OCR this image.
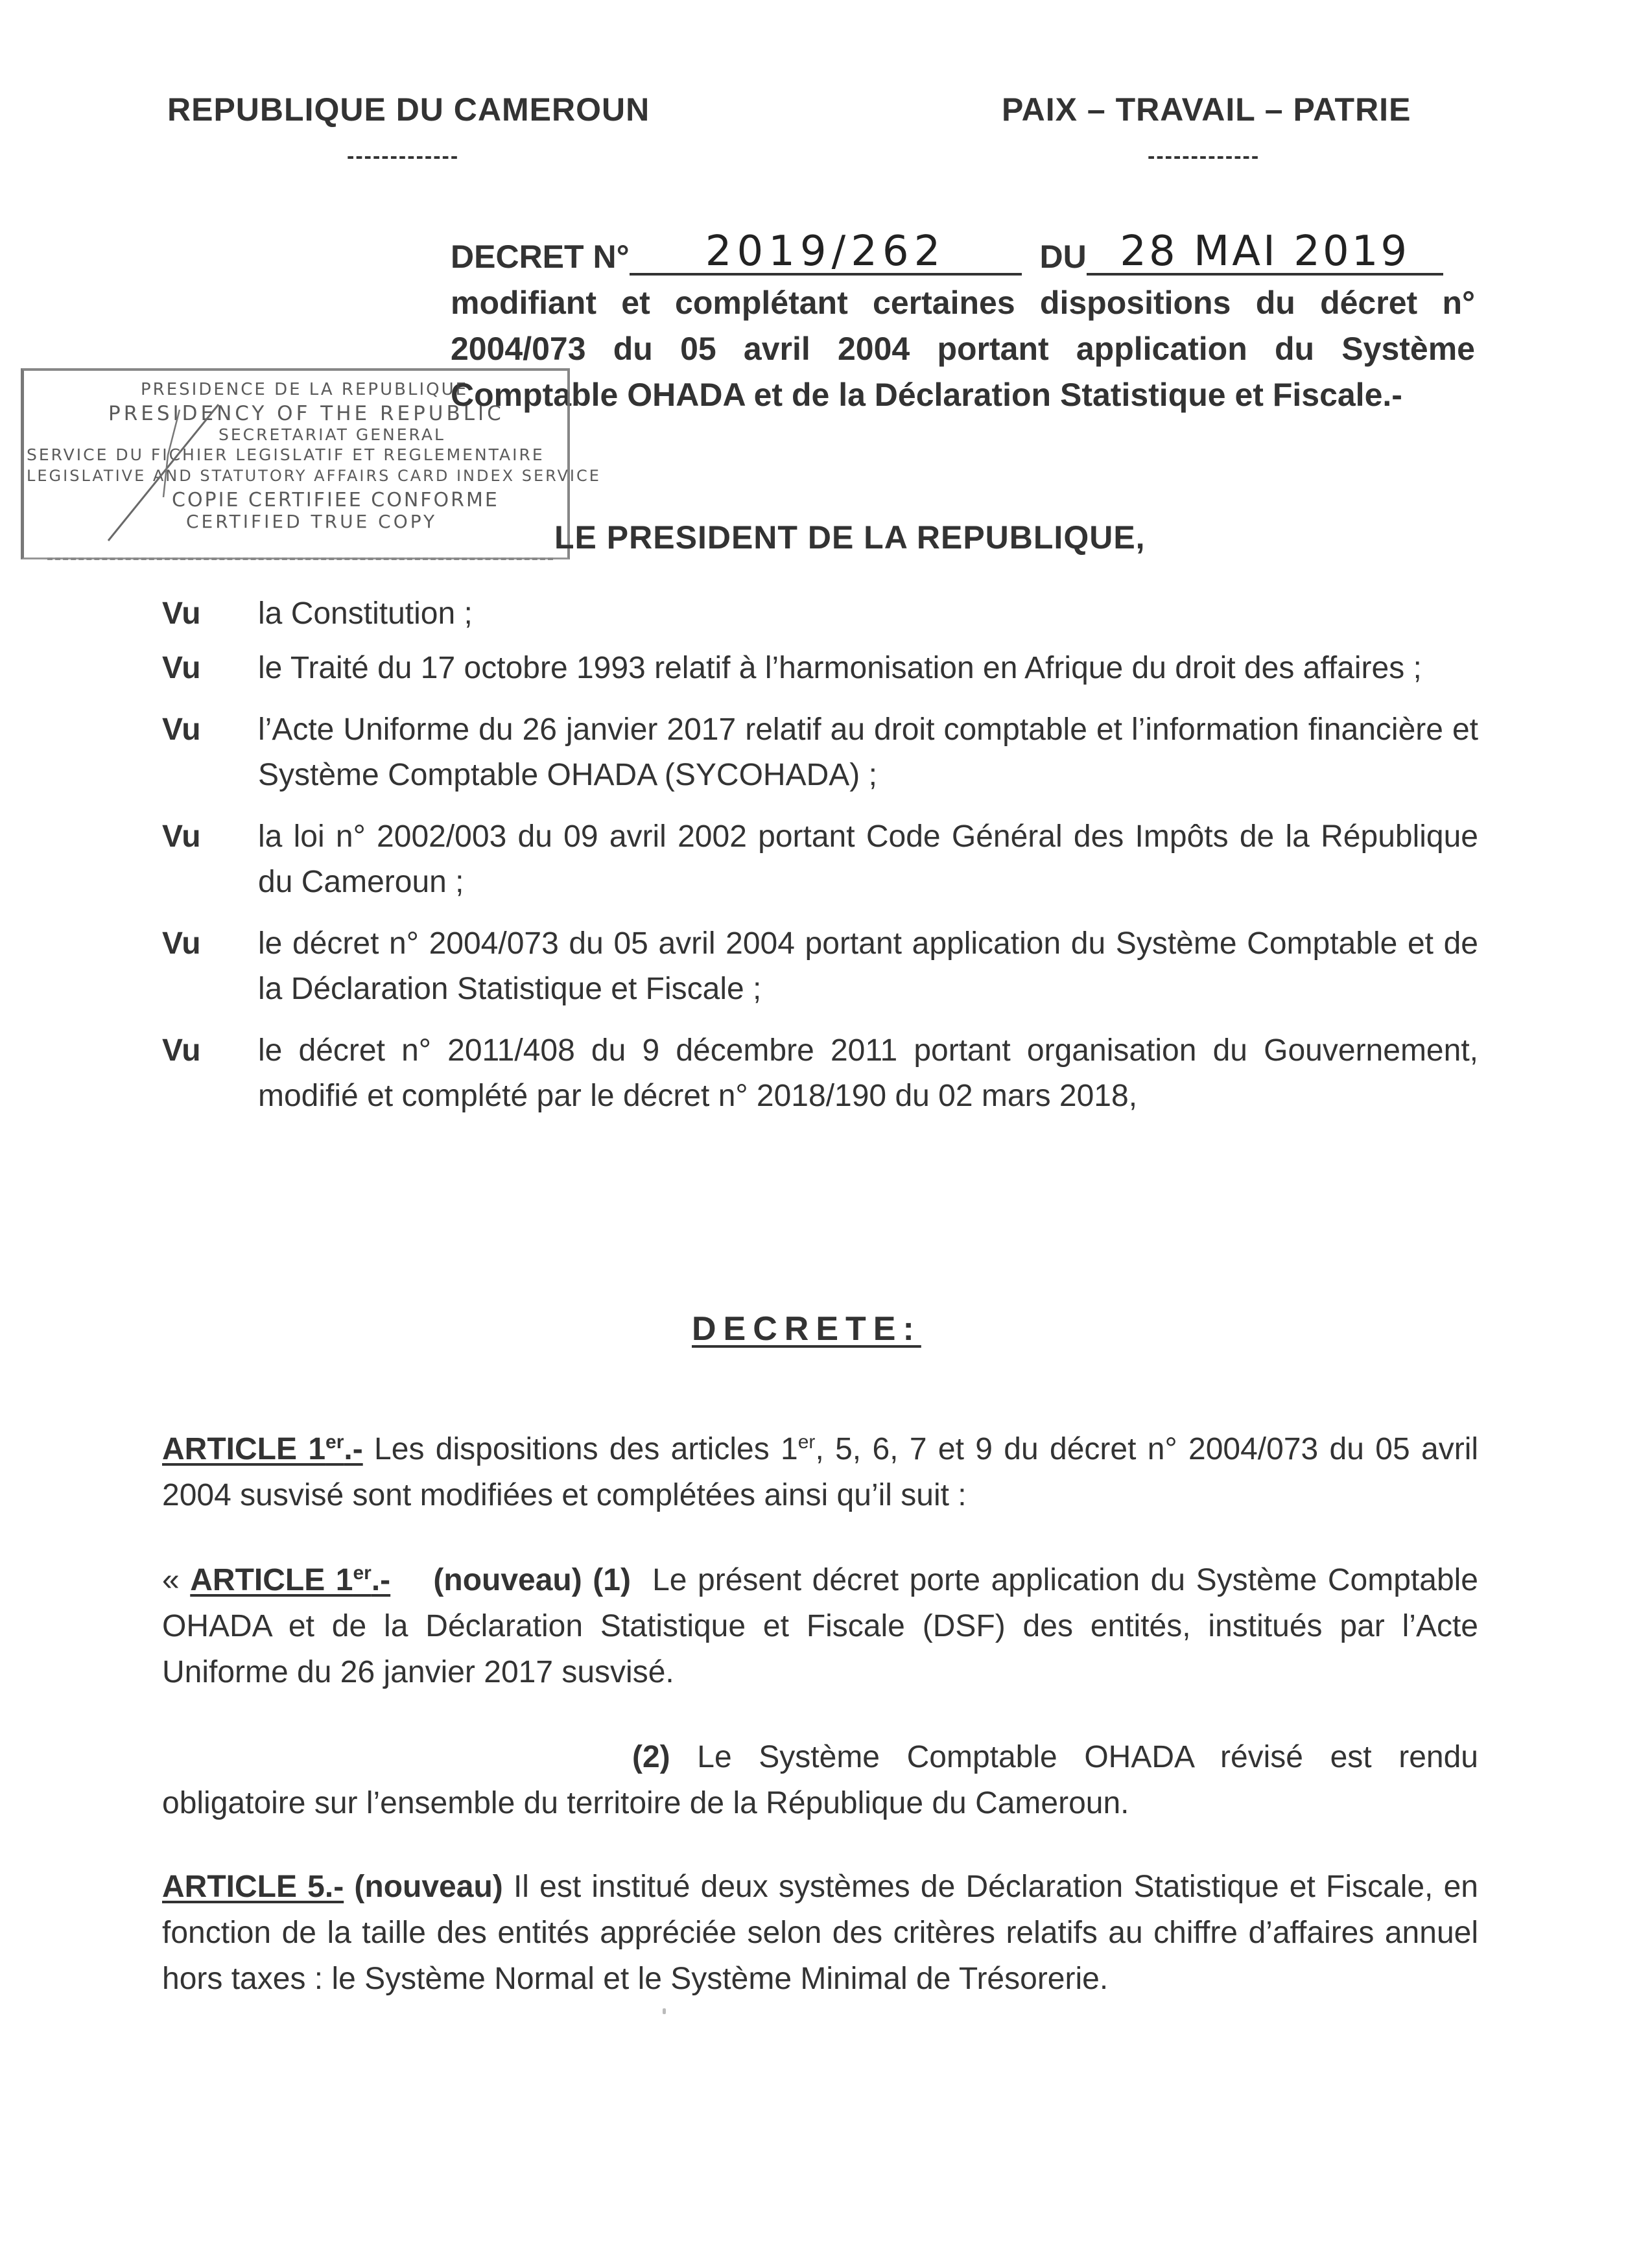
REPUBLIQUE DU CAMEROUN	PAIX – TRAVAIL – PATRIE
-------------	-------------
DECRET N° 2019/262	DU 28 MAI 2019
modifiant et complétant certaines dispositions du décret n° 2004/073 du 05 avril 2004 portant application du Système Comptable OHADA et de la Déclaration Statistique et Fiscale.-
PRESIDENCE DE LA REPUBLIQUE
PRESIDENCY OF THE REPUBLIC
SECRETARIAT GENERAL
SERVICE DU FICHIER LEGISLATIF ET REGLEMENTAIRE
LEGISLATIVE AND STATUTORY AFFAIRS CARD INDEX SERVICE
COPIE CERTIFIEE CONFORME
CERTIFIED TRUE COPY	LE PRESIDENT DE LA REPUBLIQUE,
Vu	la Constitution ;
Vu	le Traité du 17 octobre 1993 relatif à l’harmonisation en Afrique du droit des affaires ;
Vu	l’Acte Uniforme du 26 janvier 2017 relatif au droit comptable et l’information financière et Système Comptable OHADA (SYCOHADA) ;
Vu	la loi n° 2002/003 du 09 avril 2002 portant Code Général des Impôts de la République du Cameroun ;
Vu	le décret n° 2004/073 du 05 avril 2004 portant application du Système Comptable et de la Déclaration Statistique et Fiscale ;
Vu	le décret n° 2011/408 du 9 décembre 2011 portant organisation du Gouvernement, modifié et complété par le décret n° 2018/190 du 02 mars 2018,
DECRETE:
ARTICLE 1er.- Les dispositions des articles 1er, 5, 6, 7 et 9 du décret n° 2004/073 du 05 avril 2004 susvisé sont modifiées et complétées ainsi qu’il suit :
« ARTICLE 1er.- (nouveau) (1) Le présent décret porte application du Système Comptable OHADA et de la Déclaration Statistique et Fiscale (DSF) des entités, institués par l’Acte Uniforme du 26 janvier 2017 susvisé.
(2) Le Système Comptable OHADA révisé est rendu obligatoire sur l’ensemble du territoire de la République du Cameroun.
ARTICLE 5.- (nouveau) Il est institué deux systèmes de Déclaration Statistique et Fiscale, en fonction de la taille des entités appréciée selon des critères relatifs au chiffre d’affaires annuel hors taxes : le Système Normal et le Système Minimal de Trésorerie.
